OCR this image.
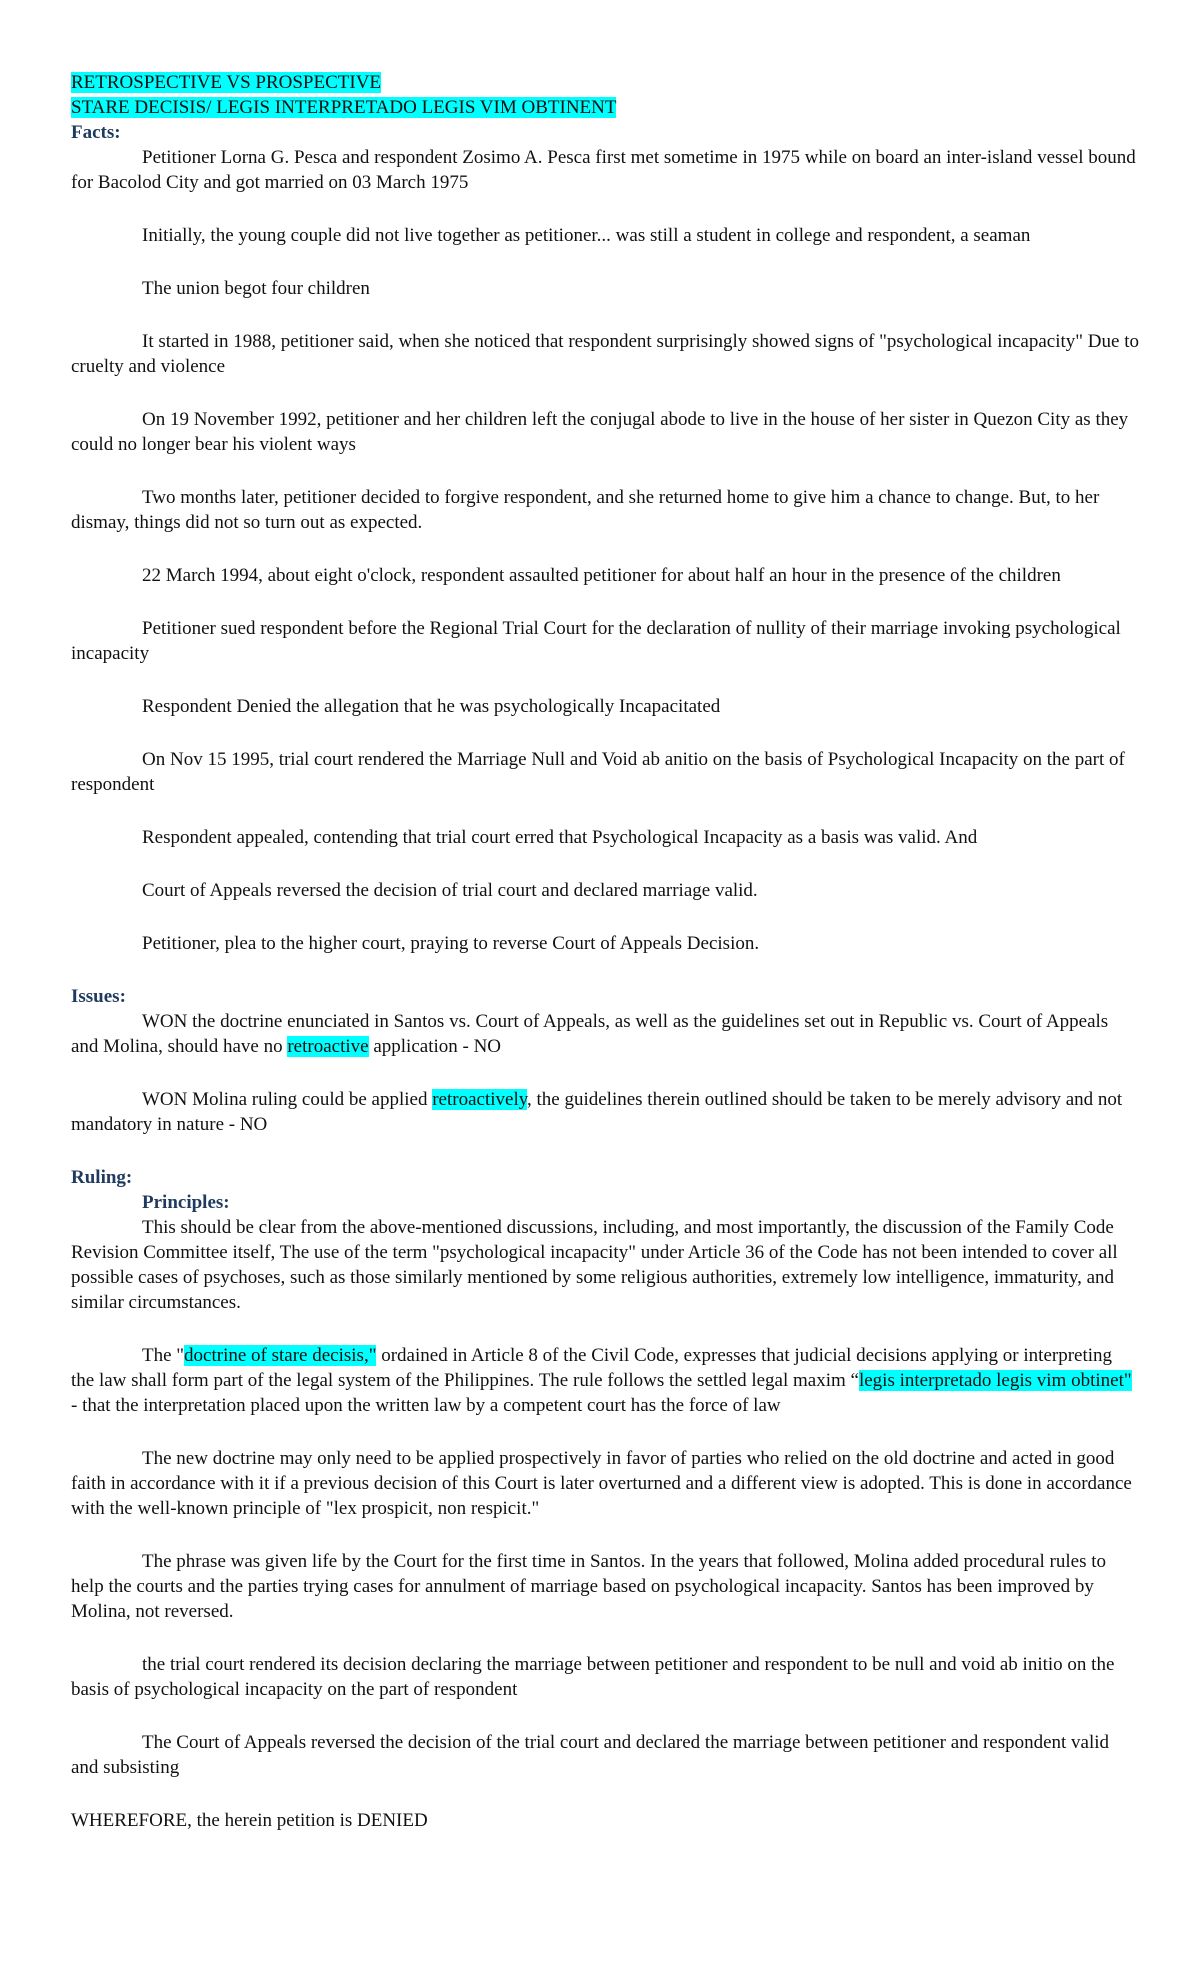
RETROSPECTIVE VS PROSPECTIVE
STARE DECISIS/ LEGIS INTERPRETADO LEGIS VIM OBTINENT
Facts:

Petitioner Lorna G. Pesca and respondent Zosimo A. Pesca first met sometime in 1975 while on board an inter-island vessel bound for Bacolod City and got married on 03 March 1975

Initially, the young couple did not live together as petitioner... was still a student in college and respondent, a seaman

The union begot four children

It started in 1988, petitioner said, when she noticed that respondent surprisingly showed signs of "psychological incapacity" Due to cruelty and violence

On 19 November 1992, petitioner and her children left the conjugal abode to live in the house of her sister in Quezon City as they could no longer bear his violent ways

Two months later, petitioner decided to forgive respondent, and she returned home to give him a chance to change. But, to her dismay, things did not so turn out as expected.

22 March 1994, about eight o'clock, respondent assaulted petitioner for about half an hour in the presence of the children

Petitioner sued respondent before the Regional Trial Court for the declaration of nullity of their marriage invoking psychological incapacity

Respondent Denied the allegation that he was psychologically Incapacitated

On Nov 15 1995, trial court rendered the Marriage Null and Void ab anitio on the basis of Psychological Incapacity on the part of respondent

Respondent appealed, contending that trial court erred that Psychological Incapacity as a basis was valid. And

Court of Appeals reversed the decision of trial court and declared marriage valid.

Petitioner, plea to the higher court, praying to reverse Court of Appeals Decision.

Issues:

WON the doctrine enunciated in Santos vs. Court of Appeals, as well as the guidelines set out in Republic vs. Court of Appeals and Molina, should have no retroactive application - NO

WON Molina ruling could be applied retroactively, the guidelines therein outlined should be taken to be merely advisory and not mandatory in nature - NO

Ruling:
Principles:

This should be clear from the above-mentioned discussions, including, and most importantly, the discussion of the Family Code Revision Committee itself, The use of the term "psychological incapacity" under Article 36 of the Code has not been intended to cover all possible cases of psychoses, such as those similarly mentioned by some religious authorities, extremely low intelligence, immaturity, and similar circumstances.

The "doctrine of stare decisis," ordained in Article 8 of the Civil Code, expresses that judicial decisions applying or interpreting the law shall form part of the legal system of the Philippines. The rule follows the settled legal maxim “legis interpretado legis vim obtinet" - that the interpretation placed upon the written law by a competent court has the force of law

The new doctrine may only need to be applied prospectively in favor of parties who relied on the old doctrine and acted in good faith in accordance with it if a previous decision of this Court is later overturned and a different view is adopted. This is done in accordance with the well-known principle of "lex prospicit, non respicit."

The phrase was given life by the Court for the first time in Santos. In the years that followed, Molina added procedural rules to help the courts and the parties trying cases for annulment of marriage based on psychological incapacity. Santos has been improved by Molina, not reversed.

the trial court rendered its decision declaring the marriage between petitioner and respondent to be null and void ab initio on the basis of psychological incapacity on the part of respondent

The Court of Appeals reversed the decision of the trial court and declared the marriage between petitioner and respondent valid and subsisting

WHEREFORE, the herein petition is DENIED
